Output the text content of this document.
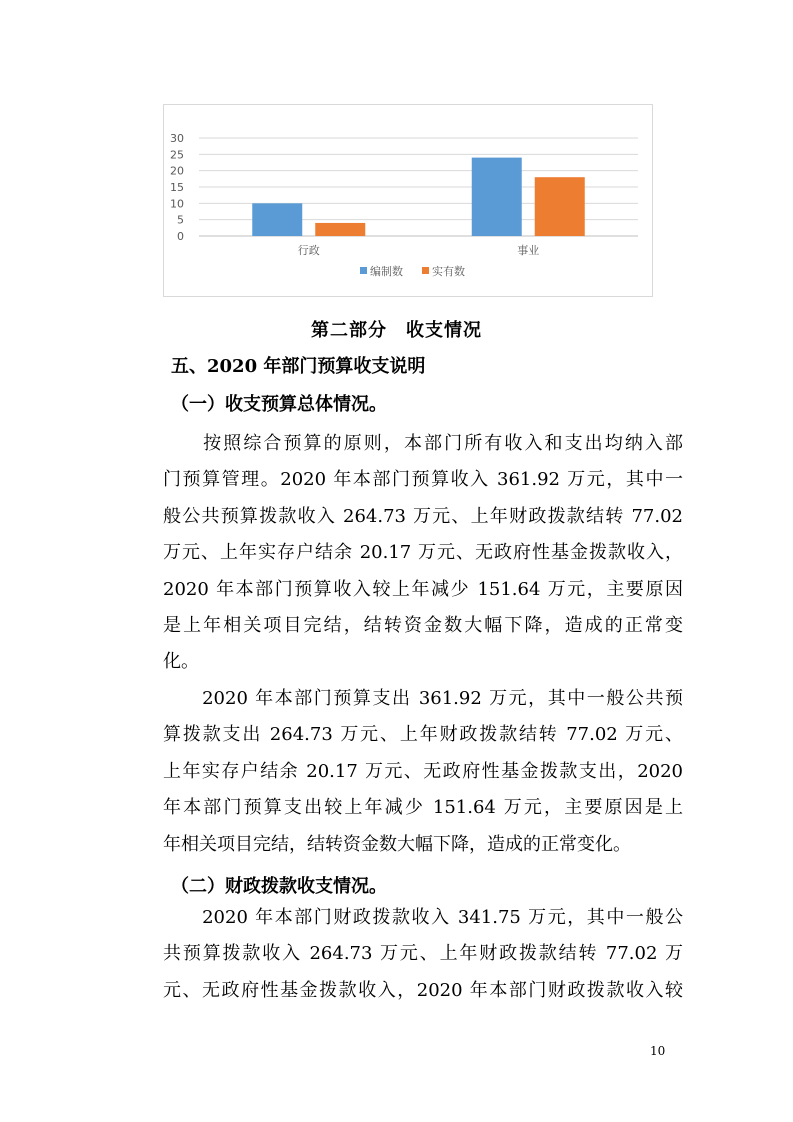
0
5
10
15
20
25
30
行政	事业
编制数	实有数
第二部分　收支情况
五、2020 年部门预算收支说明
（一）收支预算总体情况。
　　按照综合预算的原则，本部门所有收入和支出均纳入部
门预算管理。2020 年本部门预算收入 361.92 万元，其中一
般公共预算拨款收入 264.73 万元、上年财政拨款结转 77.02
万元、上年实存户结余 20.17 万元、无政府性基金拨款收入，
2020 年本部门预算收入较上年减少 151.64 万元，主要原因
是上年相关项目完结，结转资金数大幅下降，造成的正常变
化。
　　2020 年本部门预算支出 361.92 万元，其中一般公共预
算拨款支出 264.73 万元、上年财政拨款结转 77.02 万元、
上年实存户结余 20.17 万元、无政府性基金拨款支出，2020
年本部门预算支出较上年减少 151.64 万元，主要原因是上
年相关项目完结，结转资金数大幅下降，造成的正常变化。
（二）财政拨款收支情况。
　　2020 年本部门财政拨款收入 341.75 万元，其中一般公
共预算拨款收入 264.73 万元、上年财政拨款结转 77.02 万
元、无政府性基金拨款收入，2020 年本部门财政拨款收入较
10
